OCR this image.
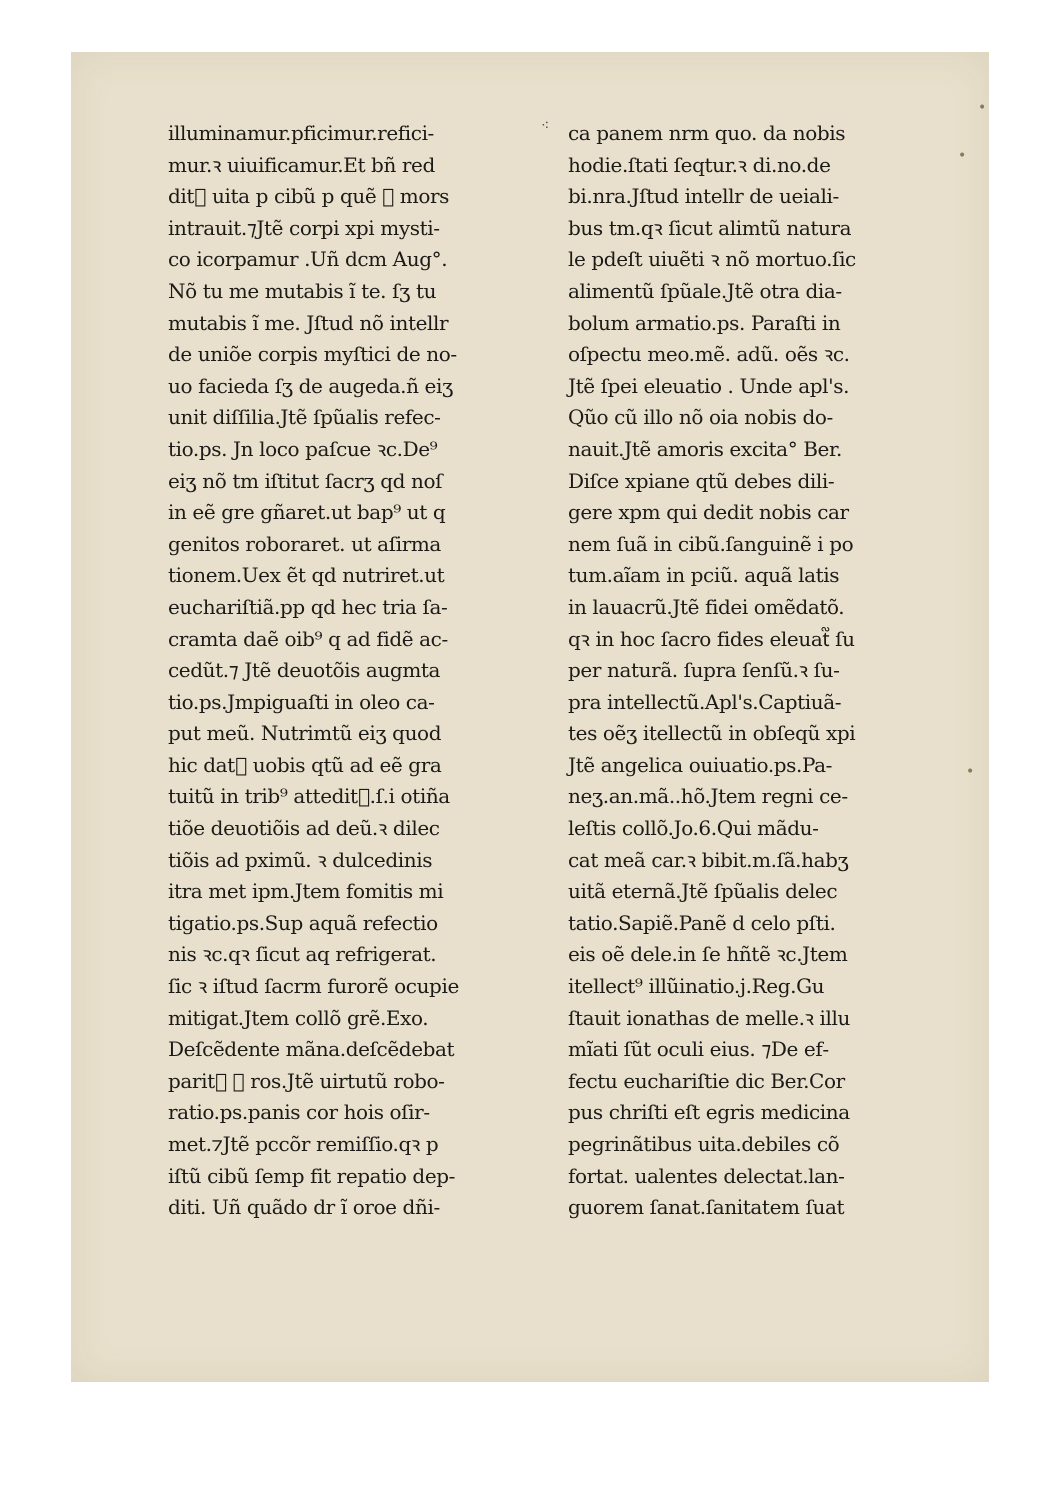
⁖
•
•
•
illuminamur.pficimur.refici‑
mur.ꝛ uiuificamur.Et bñ red
dit᷑ uita p cibũ p quẽ ꝛ mors
intrauit.⁊Jtẽ corpi xpi mysti‑
co icorpamur .Uñ dcm Aug°.
Nõ tu me mutabis ĩ te. ſʒ tu
mutabis ĩ me. Jſtud nõ intellr
de uniõe corpis myſtici de no‑
uo facieda ſʒ de augeda.ñ eiʒ
unit diſſilia.Jtẽ ſpũalis refec‑
tio.ps. Jn loco paſcue ꝛc.De⁹
eiʒ nõ tm iſtitut ſacrʒ qd noſ
in eẽ gre gñaret.ut bap⁹ ut q
genitos roboraret. ut aſirma
tionem.Uex ẽt qd nutriret.ut
euchariſtiã.pp qd hec tria ſa‑
cramta daẽ oib⁹ q ad fidẽ ac‑
cedũt.⁊ Jtẽ deuotõis augmta
tio.ps.Jmpiguaſti in oleo ca‑
put meũ. Nutrimtũ eiʒ quod
hic dat᷑ uobis qtũ ad eẽ gra
tuitũ in trib⁹ attedit᷑.ſ.i otiña
tiõe deuotiõis ad deũ.ꝛ dilec
tiõis ad pximũ. ꝛ dulcedinis
itra met ipm.Jtem fomitis mi
tigatio.ps.Sup aquã refectio
nis ꝛc.qꝛ ſicut aq refrigerat.
ſic ꝛ iſtud ſacrm furorẽ ocupie
mitigat.Jtem collõ grẽ.Exo.
Deſcẽdente mãna.deſcẽdebat
parit᷑ ꝛ ros.Jtẽ uirtutũ robo‑
ratio.ps.panis cor hois oſir‑
met.⁊Jtẽ pccõr remiſſio.qꝛ p
iſtũ cibũ ſemp fit repatio dep‑
diti. Uñ quãdo dr ĩ oroe dñi‑
ca panem nrm quo. da nobis
hodie.ſtati ſeqtur.ꝛ di.no.de
bi.nra.Jſtud intellr de ueiali‑
bus tm.qꝛ ſicut alimtũ natura
le pdeſt uiuẽti ꝛ nõ mortuo.ſic
alimentũ ſpũale.Jtẽ otra dia‑
bolum armatio.ps. Paraſti in
oſpectu meo.mẽ. adũ. oẽs ꝛc.
Jtẽ ſpei eleuatio . Unde apl's.
Qũo cũ illo nõ oia nobis do‑
nauit.Jtẽ amoris excita° Ber.
Diſce xpiane qtũ debes dili‑
gere xpm qui dedit nobis car
nem ſuã in cibũ.ſanguinẽ i po
tum.aĩam in pciũ. aquã latis
in lauacrũ.Jtẽ fidei omẽdatõ.
qꝛ in hoc ſacro fides eleuat᷑ ſu
per naturã. ſupra ſenſũ.ꝛ ſu‑
pra intellectũ.Apl's.Captiuã‑
tes oẽʒ itellectũ in obſeqũ xpi
Jtẽ angelica ouiuatio.ps.Pa‑
neʒ.an.mã..hõ.Jtem regni ce‑
leſtis collõ.Jo.6.Qui mãdu‑
cat meã car.ꝛ bibit.m.ſã.habʒ
uitã eternã.Jtẽ ſpũalis delec
tatio.Sapiẽ.Panẽ d celo pſti.
eis oẽ dele.in ſe hñtẽ ꝛc.Jtem
itellect⁹ illũinatio.j.Reg.Gu
ſtauit ionathas de melle.ꝛ illu
mĩati ſũt oculi eius. ⁊De ef‑
fectu euchariſtie dic Ber.Cor
pus chriſti eſt egris medicina
pegrinãtibus uita.debiles cõ
fortat. ualentes delectat.lan‑
guorem ſanat.ſanitatem ſuat
